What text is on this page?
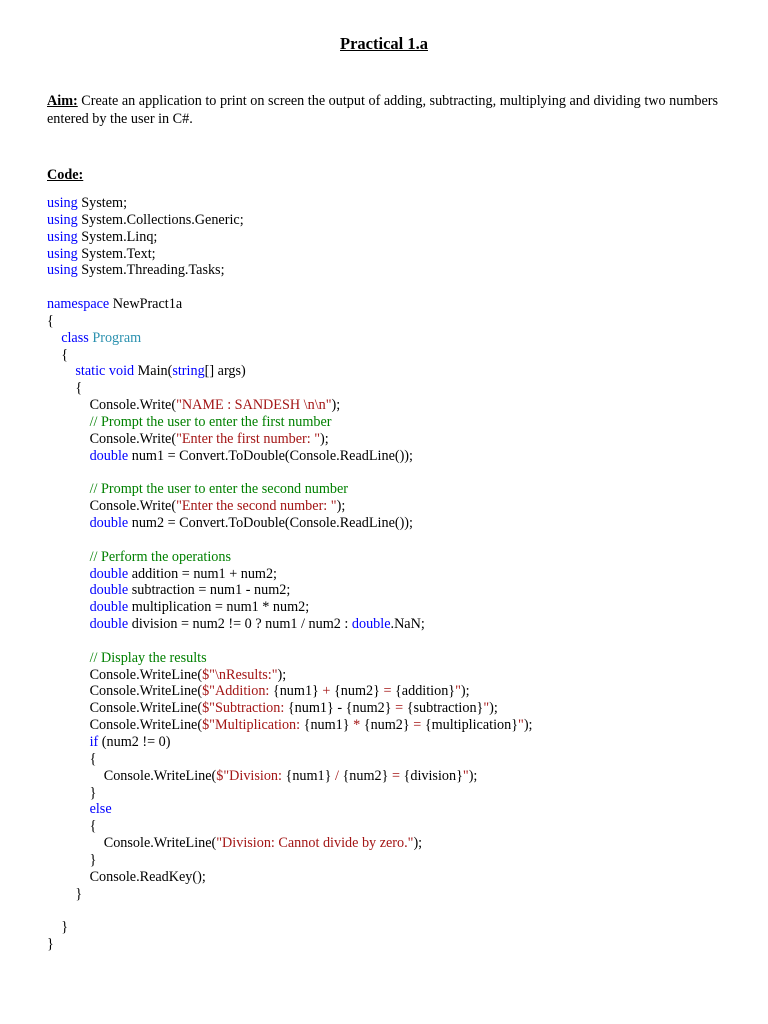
Practical 1.a

Aim: Create an application to print on screen the output of adding, subtracting, multiplying and dividing two numbers entered by the user in C#.

Code:

using System;
using System.Collections.Generic;
using System.Linq;
using System.Text;
using System.Threading.Tasks;
namespace NewPract1a
{
class Program
{
static void Main(string[] args)
{
Console.Write("NAME : SANDESH \n\n");
// Prompt the user to enter the first number
Console.Write("Enter the first number: ");
double num1 = Convert.ToDouble(Console.ReadLine());
// Prompt the user to enter the second number
Console.Write("Enter the second number: ");
double num2 = Convert.ToDouble(Console.ReadLine());
// Perform the operations
double addition = num1 + num2;
double subtraction = num1 - num2;
double multiplication = num1 * num2;
double division = num2 != 0 ? num1 / num2 : double.NaN;
// Display the results
Console.WriteLine($"\nResults:");
Console.WriteLine($"Addition: {num1} + {num2} = {addition}");
Console.WriteLine($"Subtraction: {num1} - {num2} = {subtraction}");
Console.WriteLine($"Multiplication: {num1} * {num2} = {multiplication}");
if (num2 != 0)
{
Console.WriteLine($"Division: {num1} / {num2} = {division}");
}
else
{
Console.WriteLine("Division: Cannot divide by zero.");
}
Console.ReadKey();
}
}
}
